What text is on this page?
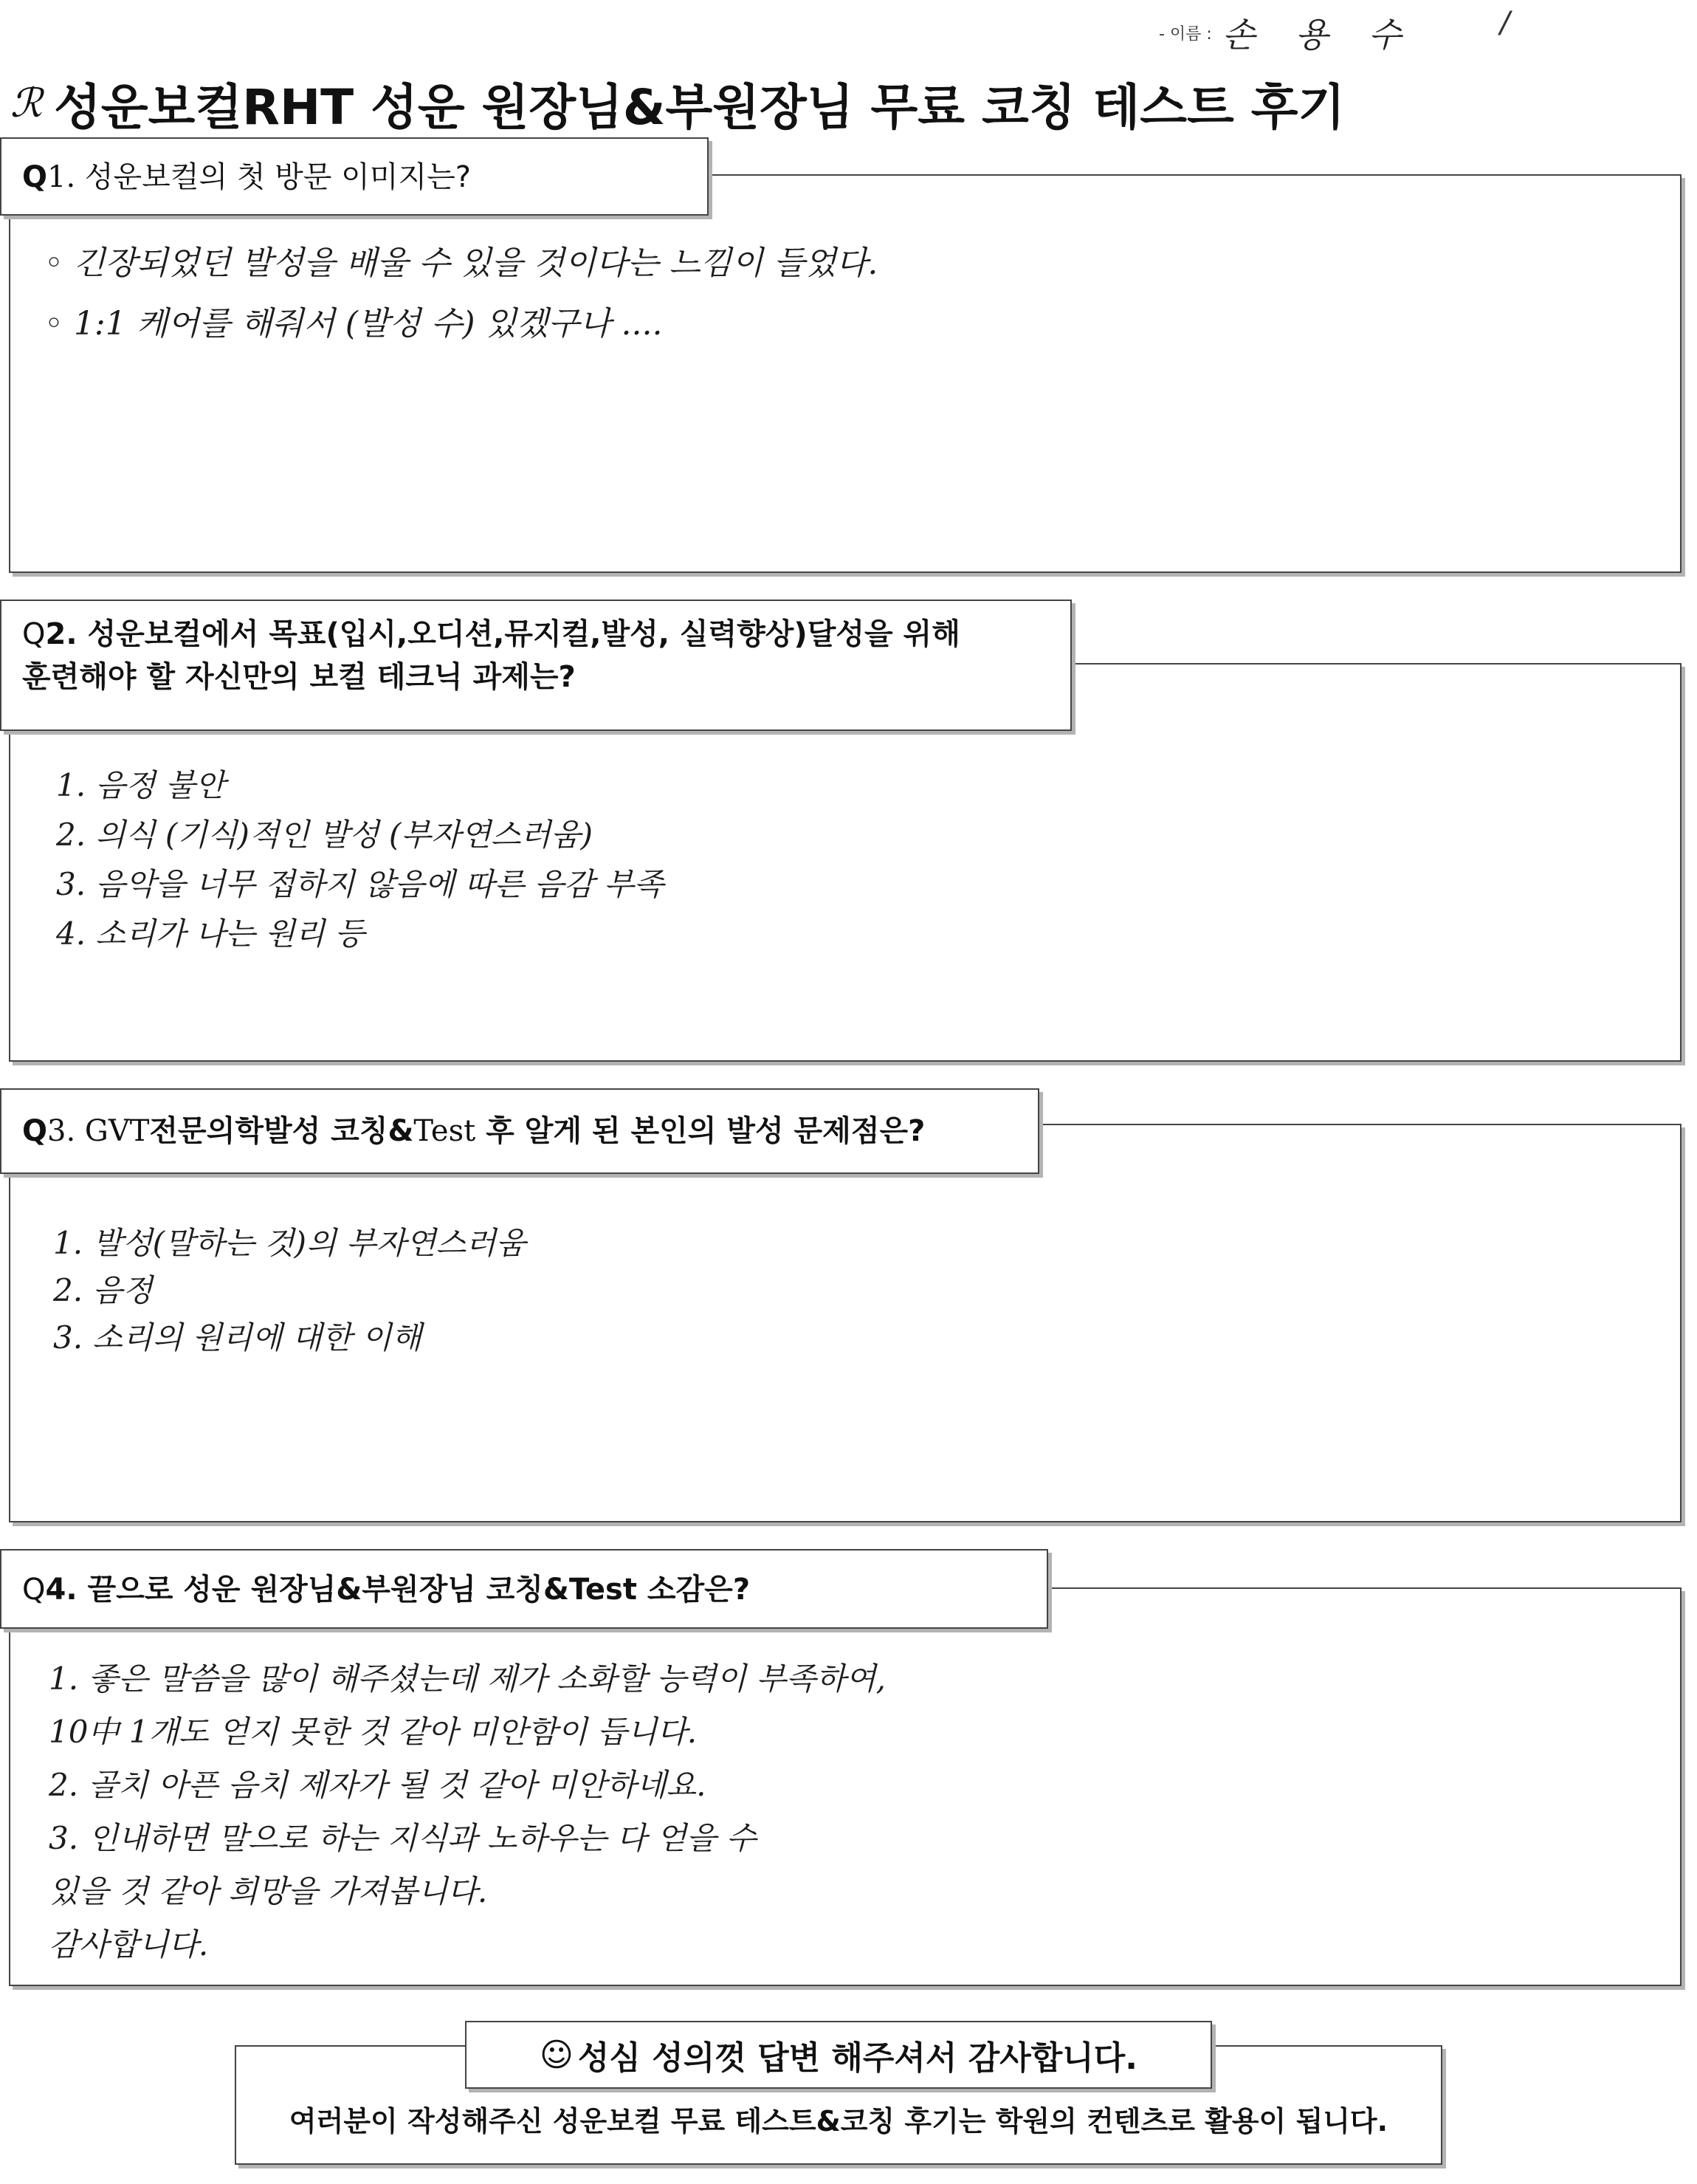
- 이름 : 손 용 수	/
ℛ 성운보컬RHT 성운 원장님&부원장님 무료 코칭 테스트 후기
Q1. 성운보컬의 첫 방문 이미지는?
◦ 긴장되었던 발성을 배울 수 있을 것이다는 느낌이 들었다.
◦ 1:1 케어를 해줘서 (발성 수) 있겠구나 ....
Q2. 성운보컬에서 목표(입시,오디션,뮤지컬,발성, 실력향상)달성을 위해
훈련해야 할 자신만의 보컬 테크닉 과제는?
1. 음정 불안
2. 의식 (기식)적인 발성 (부자연스러움)
3. 음악을 너무 접하지 않음에 따른 음감 부족
4. 소리가 나는 원리 등
Q3. GVT전문의학발성 코칭&Test 후 알게 된 본인의 발성 문제점은?
1. 발성(말하는 것)의 부자연스러움
2. 음정
3. 소리의 원리에 대한 이해
Q4. 끝으로 성운 원장님&부원장님 코칭&Test 소감은?
1. 좋은 말씀을 많이 해주셨는데 제가 소화할 능력이 부족하여,
10中 1개도 얻지 못한 것 같아 미안함이 듭니다.
2. 골치 아픈 음치 제자가 될 것 같아 미안하네요.
3. 인내하면 말으로 하는 지식과 노하우는 다 얻을 수
있을 것 같아 희망을 가져봅니다.
감사합니다.
☺ 성심 성의껏 답변 해주셔서 감사합니다.
여러분이 작성해주신 성운보컬 무료 테스트&코칭 후기는 학원의 컨텐츠로 활용이 됩니다.
